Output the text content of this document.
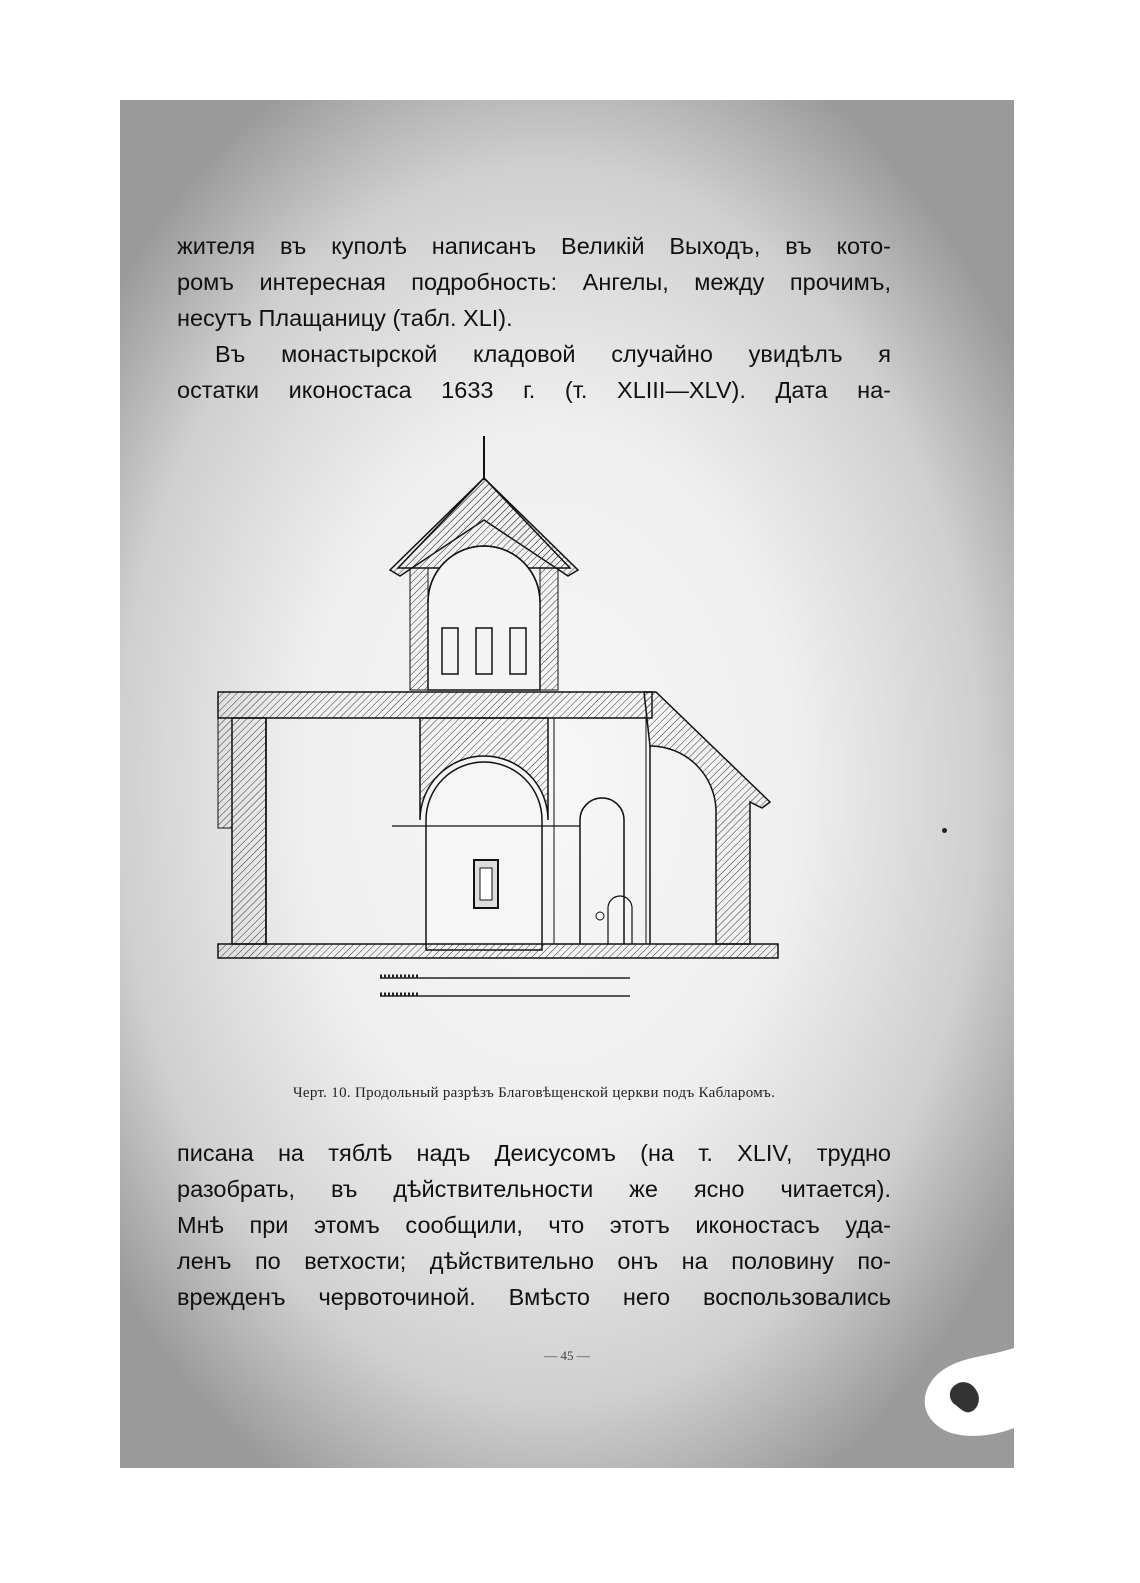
жителя въ куполѣ написанъ Великій Выходъ, въ кото-
ромъ интересная подробность: Ангелы, между прочимъ,
несутъ Плащаницу (табл. XLI).
Въ монастырской кладовой случайно увидѣлъ я
остатки иконостаса 1633 г. (т. XLIII—XLV). Дата на-
Черт. 10. Продольный разрѣзъ Благовѣщенской церкви подъ Кабларомъ.
писана на тяблѣ надъ Деисусомъ (на т. XLIV, трудно
разобрать, въ дѣйствительности же ясно читается).
Мнѣ при этомъ сообщили, что этотъ иконостасъ уда-
ленъ по ветхости; дѣйствительно онъ на половину по-
врежденъ червоточиной. Вмѣсто него воспользовались
— 45 —
